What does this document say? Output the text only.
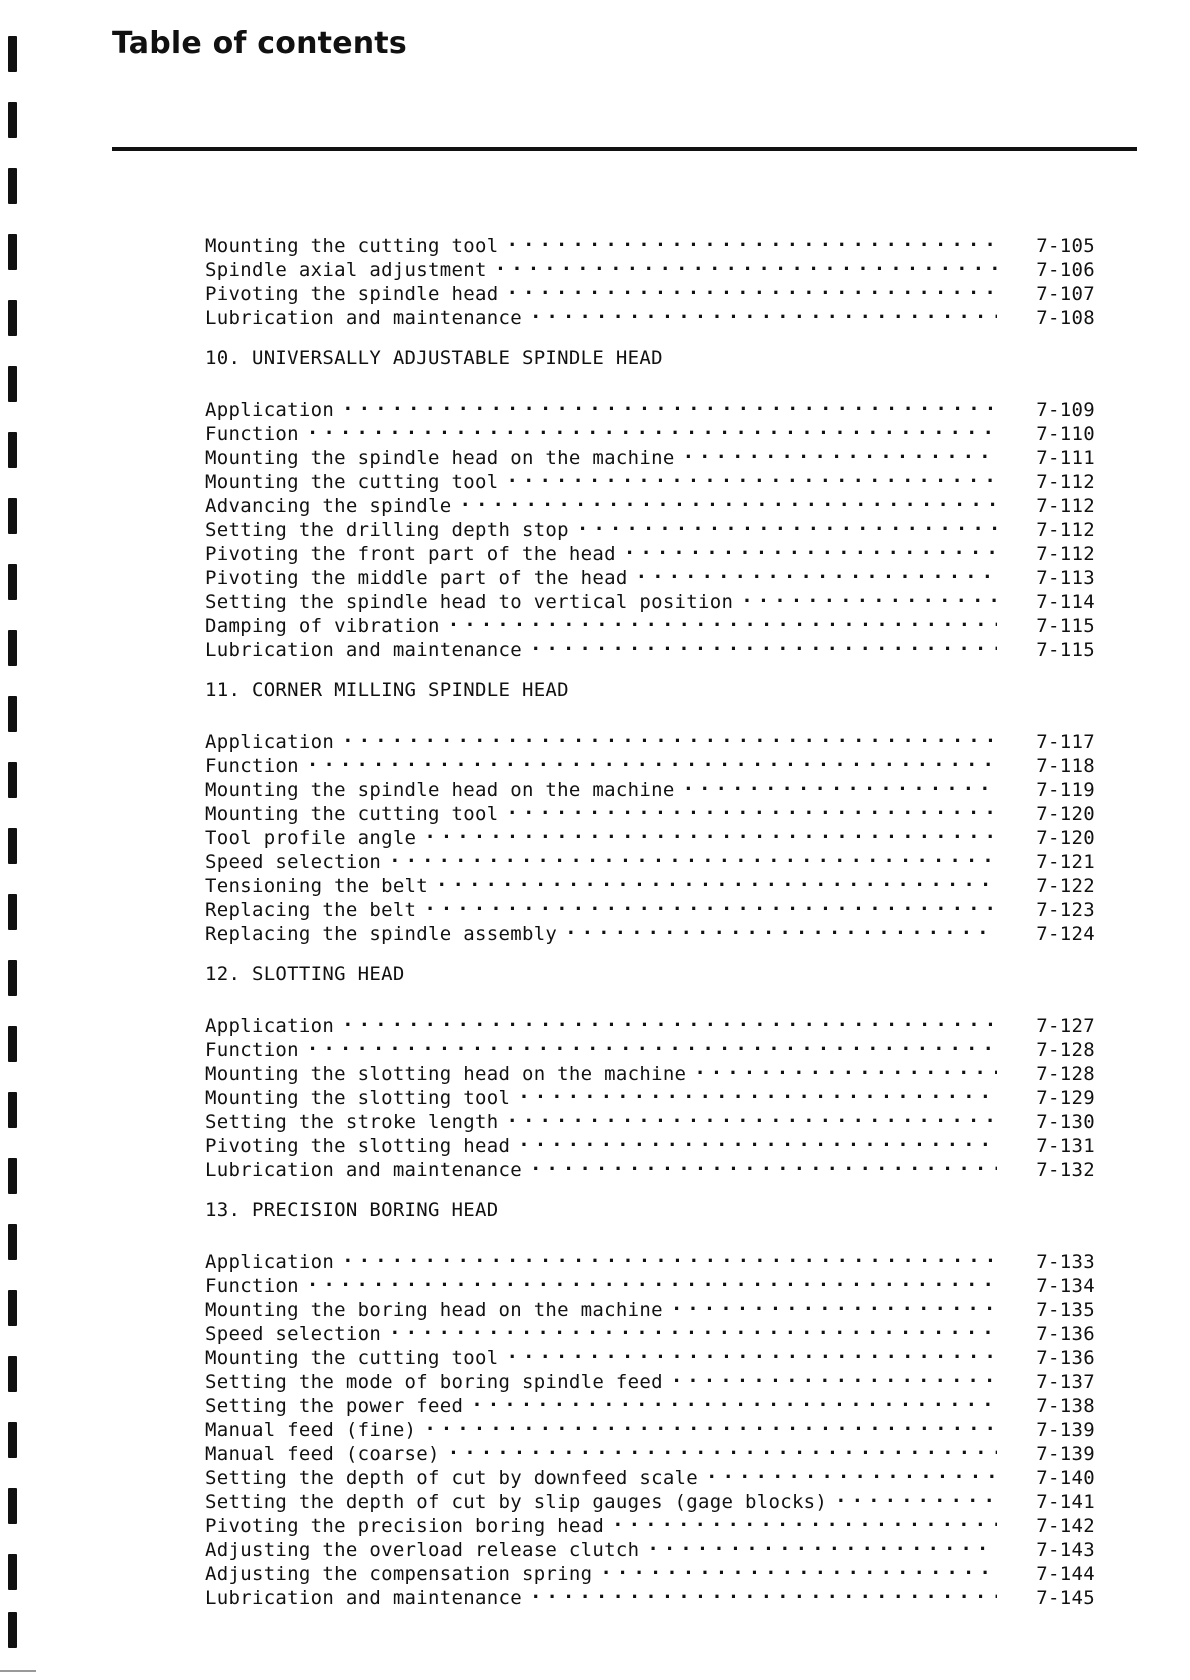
Table of contents
Mounting the cutting tool . . .	7-105
Spindle axial adjustment . . .	7-106
Pivoting the spindle head . . .	7-107
Lubrication and maintenance . . .	7-108
10. UNIVERSALLY ADJUSTABLE SPINDLE HEAD
Application . . .	7-109
Function . . .	7-110
Mounting the spindle head on the machine . . .	7-111
Mounting the cutting tool . . .	7-112
Advancing the spindle . . .	7-112
Setting the drilling depth stop . . .	7-112
Pivoting the front part of the head . . .	7-112
Pivoting the middle part of the head . . .	7-113
Setting the spindle head to vertical position . . .	7-114
Damping of vibration . . .	7-115
Lubrication and maintenance . . .	7-115
11. CORNER MILLING SPINDLE HEAD
Application . . .	7-117
Function . . .	7-118
Mounting the spindle head on the machine . . .	7-119
Mounting the cutting tool . . .	7-120
Tool profile angle . . .	7-120
Speed selection . . .	7-121
Tensioning the belt . . .	7-122
Replacing the belt . . .	7-123
Replacing the spindle assembly . . .	7-124
12. SLOTTING HEAD
Application . . .	7-127
Function . . .	7-128
Mounting the slotting head on the machine . . .	7-128
Mounting the slotting tool . . .	7-129
Setting the stroke length . . .	7-130
Pivoting the slotting head . . .	7-131
Lubrication and maintenance . . .	7-132
13. PRECISION BORING HEAD
Application . . .	7-133
Function . . .	7-134
Mounting the boring head on the machine . . .	7-135
Speed selection . . .	7-136
Mounting the cutting tool . . .	7-136
Setting the mode of boring spindle feed . . .	7-137
Setting the power feed . . .	7-138
Manual feed (fine) . . .	7-139
Manual feed (coarse) . . .	7-139
Setting the depth of cut by downfeed scale . . .	7-140
Setting the depth of cut by slip gauges (gage blocks) . . .	7-141
Pivoting the precision boring head . . .	7-142
Adjusting the overload release clutch . . .	7-143
Adjusting the compensation spring . . .	7-144
Lubrication and maintenance . . .	7-145
